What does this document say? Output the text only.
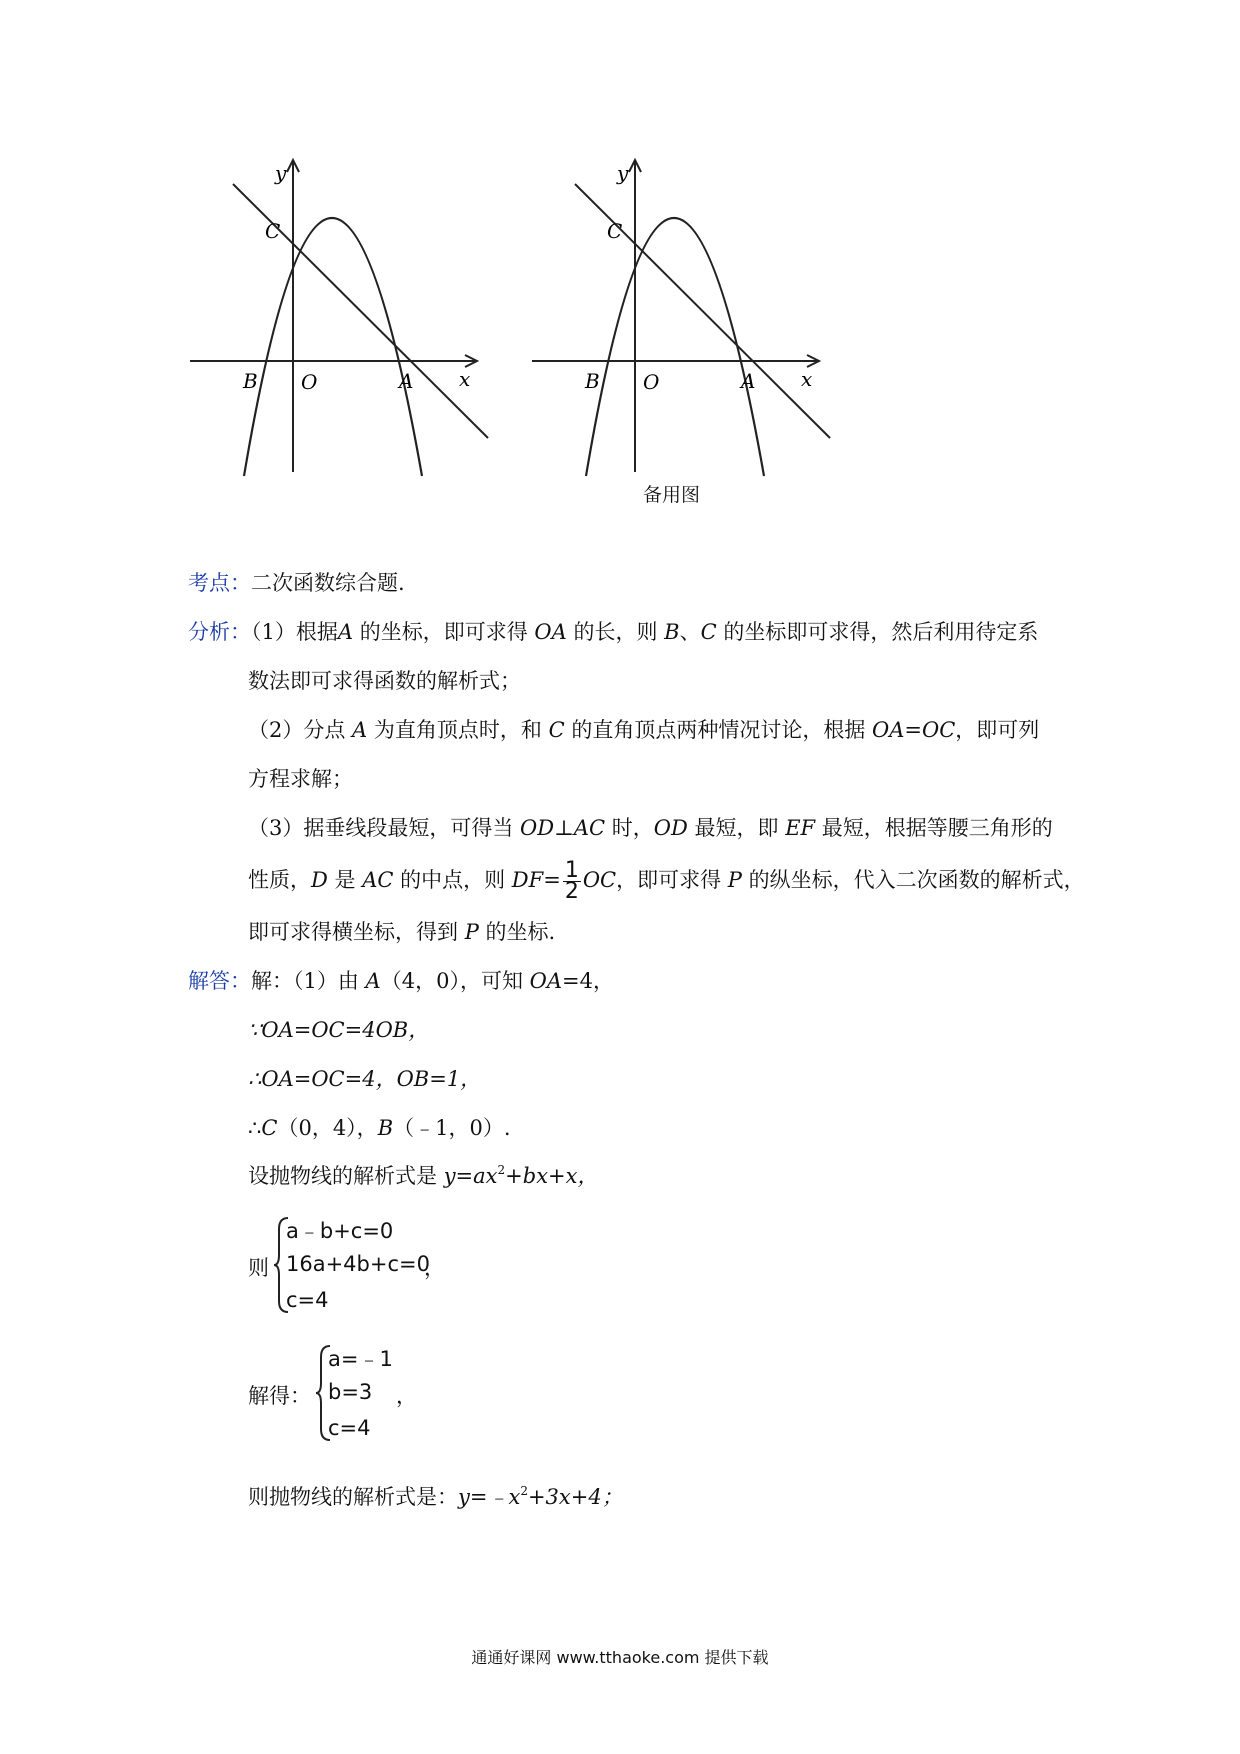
y
C
B O	A x
y
C
B O	A x
备用图
考点：二次函数综合题.
分析：（1）根据A 的坐标，即可求得 OA 的长，则 B、C 的坐标即可求得，然后利用待定系
数法即可求得函数的解析式；
（2）分点 A 为直角顶点时，和 C 的直角顶点两种情况讨论，根据 OA=OC，即可列
方程求解；
（3）据垂线段最短，可得当 OD⊥AC 时，OD 最短，即 EF 最短，根据等腰三角形的
性质，D 是 AC 的中点，则 $DF= \frac{1}{2}$ OC，即可求得 P 的纵坐标，代入二次函数的解析式，
即可求得横坐标，得到 P 的坐标.
解答：解：（1）由 A（4，0），可知 OA=4，
∵OA=OC=4OB，
∴OA=OC=4，OB=1，
∴C（0，4），B（﹣1，0）.
设抛物线的解析式是 $y=ax^2+bx+x$，
则
a﹣b+c=0
16a+4b+c=0
，
c=4
解得：
a=﹣1
b=3 ，
c=4
则抛物线的解析式是：$y=﹣x^2+3x+4$；
通通好课网 www.tthaoke.com 提供下载
